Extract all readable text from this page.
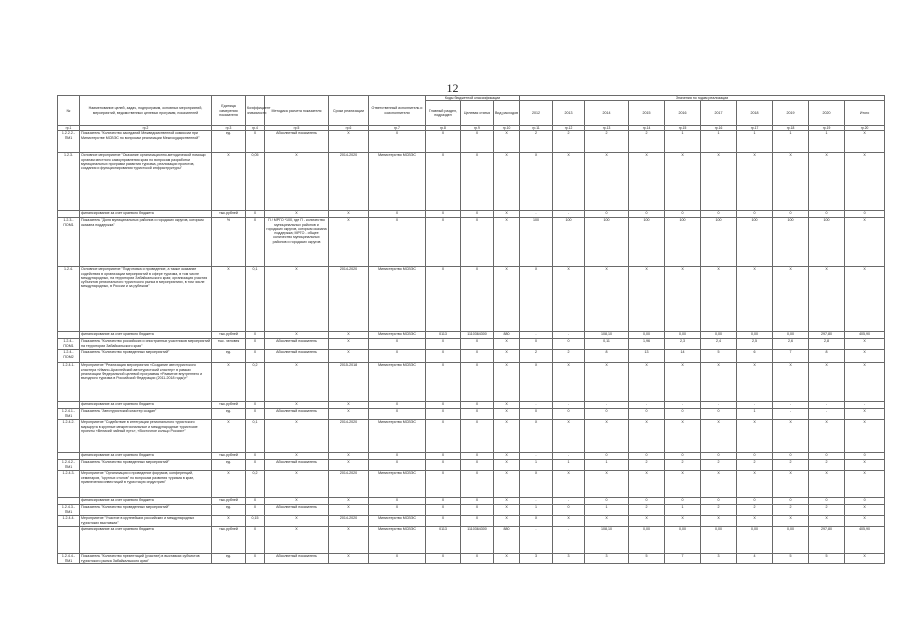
12
№	Наименование целей, задач, подпрограмм, основных мероприятий, мероприятий, ведомственных целевых программ, показателей	Единица измерения показателя	Коэффициент значимости	Методика расчета показателя	Сроки реализации	Ответственный исполнитель и соисполнители	Коды бюджетной классификации			Значения по годам реализации									
							Главный раздел, подраздел	Целевая статья	Вид расходов	2012	2013	2014	2015	2016	2017	2018	2019	2020	Итого
гр.1	гр.2	гр.3	гр.4	гр.5	гр.6	гр.7	гр.8	гр.9	гр.10	гр.11	гр.12	гр.13	гр.14	гр.15	гр.16	гр.17	гр.18	гр.19	гр.20
1.2.2.2.-ПМ1	Показатель "Количество заседаний Межведомственной комиссии при Министерстве МСВЭС по вопросам реализации Межгосударственной"	ед.	Х	Абсолютный показатель	Х	Х	Х	Х	Х	2	2	2	2	1	1	1	1	1	Х
1.2.3.	Основное мероприятие "Оказание организационно-методической помощи органам местного самоуправления края по вопросам разработки муниципальных программ развития туризма, реализации проектов, создания и функционирования туристской инфраструктуры"	Х	0,05	Х	2014-2020	Министерство МСВЭС	Х	Х	Х	Х	Х	Х	Х	Х	Х	Х	Х	Х	Х
	финансирование за счет краевого бюджета	тыс.рублей	Х	Х	Х	Х	Х	Х	Х	-	-	0	0	0	0	0	0	0	0
1.2.3.-ПОМ1	Показатель "Доля муниципальных районов и городских округов, которым оказана поддержка"	%	Х	П / МРГО *100, где П - количество муниципальных районов и городских округов, которым оказана поддержка; МРГО - общее количество муниципальных районов и городских округов	Х	Х	Х	Х	Х	100	100	100	100	100	100	100	100	100	Х
1.2.4.	Основное мероприятие "Подготовка и проведение, а также оказание содействия в организации мероприятий в сфере туризма, в том числе международных, на территории Забайкальского края; организация участия субъектов регионального туристского рынка в мероприятиях, в том числе международных, в России и за рубежом"	Х	0,1	Х	2014-2020	Министерство МСВЭС	Х	Х	Х	Х	Х	Х	Х	Х	Х	Х	Х	Х	Х
	финансирование за счет краевого бюджета	тыс.рублей	Х	Х	Х	Министерство МСВЭС	0113	1110364300	880	-	-	108,10	0,00	0,00	0,00	0,00	0,00	297,80	405,90
1.2.4.-ПОМ1	Показатель "Количество российских и иностранных участников мероприятий на территории Забайкальского края"	тыс. человек	Х	Абсолютный показатель	Х	Х	Х	Х	Х	0	0	0,11	1,96	2,3	2,4	2,5	2,6	2,8	Х
1.2.4.-ПОМ2	Показатель "Количество проведенных мероприятий"	ед.	Х	Абсолютный показатель	Х	Х	Х	Х	Х	2	2	8	13	14	5	6	7	8	Х
1.2.4.1.	Мероприятие "Реализация мероприятия «Создание автотуристского кластера «Ивано-Арахлейский автотуристский кластер» в рамках реализации Федеральной целевой программы «Развитие внутреннего и въездного туризма в Российской Федерации (2011-2018 годы)»"	Х	0,2	Х	2015-2018	Министерство МСВЭС	Х	Х	Х	Х	Х	Х	Х	Х	Х	Х	Х	Х	Х
	финансирование за счет краевого бюджета	тыс.рублей	Х	Х	Х	Х	Х	Х	Х	-	-	-	-	-	-	-	-	-	-
1.2.4.1.-ПМ1	Показатель "Автотуристский кластер создан"	ед.	Х	Абсолютный показатель	Х	Х	Х	Х	Х	0	0	0	0	0	0	1	-	-	Х
1.2.4.2.	Мероприятие "Содействие в интеграции регионального туристского маршрута в крупные межрегиональные и международные туристские проекты «Великий чайный путь», «Восточное кольцо России»"	Х	0,1	Х	2014-2020	Министерство МСВЭС	Х	Х	Х	Х	Х	Х	Х	Х	Х	Х	Х	Х	Х
	финансирование за счет краевого бюджета	тыс.рублей	Х	Х	Х	Х	Х	Х	Х	-	-	0	0	0	0	0	0	0	0
1.2.4.2.-ПМ1	Показатель "Количество проведенных мероприятий"	ед.	Х	Абсолютный показатель	Х	Х	Х	Х	Х	1	1	1	2	2	2	2	2	2	Х
1.2.4.3.	Мероприятие "Организация и проведение форумов, конференций, семинаров, "круглых столов" по вопросам развития туризма в крае, привлечения инвестиций в туристскую индустрию"	Х	0,2	Х	2014-2020	Министерство МСВЭС	Х	Х	Х	Х	Х	Х	Х	Х	Х	Х	Х	Х	Х
	финансирование за счет краевого бюджета	тыс.рублей	Х	Х	Х	Х	Х	Х	Х	-	-	0	0	0	0	0	0	0	0
1.2.4.3.-ПМ1	Показатель "Количество проведенных мероприятий"	ед.	Х	Абсолютный показатель	Х	Х	Х	Х	Х	1	0	1	2	1	2	2	2	2	Х
1.2.4.4.	Мероприятие "Участие в крупнейших российских и международных туристских выставках"	Х	0,15	Х	2014-2020	Министерство МСВЭС	Х	Х	Х	Х	Х	Х	Х	Х	Х	Х	Х	Х	Х
	финансирование за счет краевого бюджета	тыс.рублей	Х	Х	Х	Министерство МСВЭС	0113	1110364300	880	-	-	108,10	0,00	0,00	0,00	0,00	0,00	297,80	405,90
1.2.4.4.-ПМ1	Показатель "Количество презентаций (участие) в выставках субъектов туристского рынка Забайкальского края"	ед.	Х	Абсолютный показатель	Х	Х	Х	Х	Х	3	3	3	5	7	3	4	5	5	Х
